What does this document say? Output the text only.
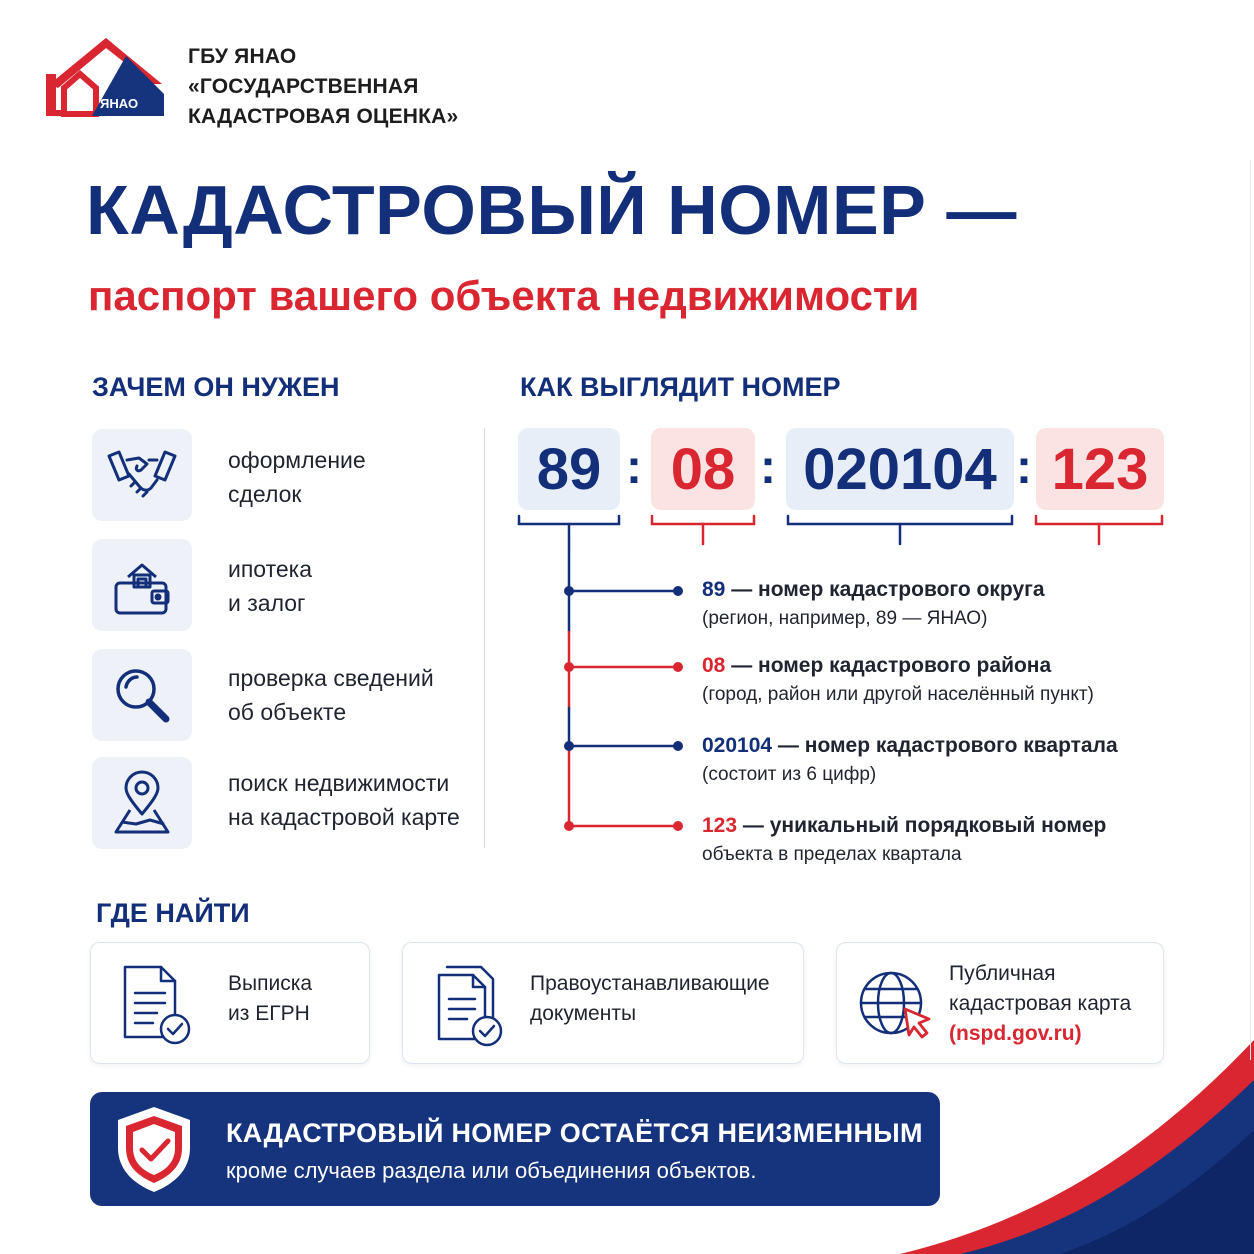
ЯНАО
ГБУ ЯНАО
«ГОСУДАРСТВЕННАЯ
КАДАСТРОВАЯ ОЦЕНКА»
КАДАСТРОВЫЙ НОМЕР —
паспорт вашего объекта недвижимости
ЗАЧЕМ ОН НУЖЕН
оформление
сделок
ипотека
и залог
проверка сведений
об объекте
поиск недвижимости
на кадастровой карте
КАК ВЫГЛЯДИТ НОМЕР
89 : 08 : 020104 : 123
89 — номер кадастрового округа
(регион, например, 89 — ЯНАО)
08 — номер кадастрового района
(город, район или другой населённый пункт)
020104 — номер кадастрового квартала
(состоит из 6 цифр)
123 — уникальный порядковый номер
объекта в пределах квартала
ГДЕ НАЙТИ
Выписка
из ЕГРН
Правоустанавливающие
документы
Публичная
кадастровая карта
(nspd.gov.ru)
КАДАСТРОВЫЙ НОМЕР ОСТАЁТСЯ НЕИЗМЕННЫМ
кроме случаев раздела или объединения объектов.
